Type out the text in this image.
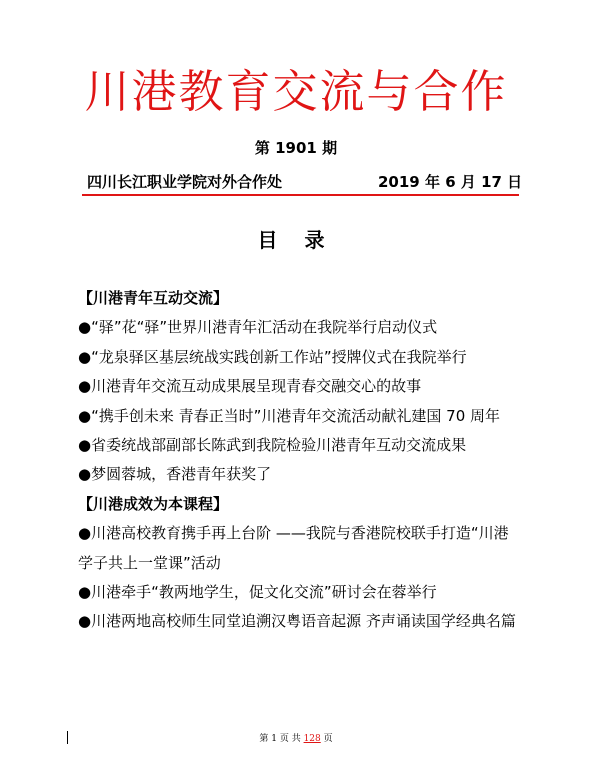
川港教育交流与合作
第 1901 期
四川长江职业学院对外合作处	2019 年 6 月 17 日
目 录
【川港青年互动交流】
●“驿”花“驿”世界川港青年汇活动在我院举行启动仪式
●“龙泉驿区基层统战实践创新工作站”授牌仪式在我院举行
●川港青年交流互动成果展呈现青春交融交心的故事
●“携手创未来 青春正当时”川港青年交流活动献礼建国 70 周年
●省委统战部副部长陈武到我院检验川港青年互动交流成果
●梦圆蓉城，香港青年获奖了
【川港成效为本课程】
●川港高校教育携手再上台阶 ——我院与香港院校联手打造“川港学子共上一堂课”活动
●川港牵手“教两地学生，促文化交流”研讨会在蓉举行
●川港两地高校师生同堂追溯汉粤语音起源 齐声诵读国学经典名篇
第 1 页 共 128 页
